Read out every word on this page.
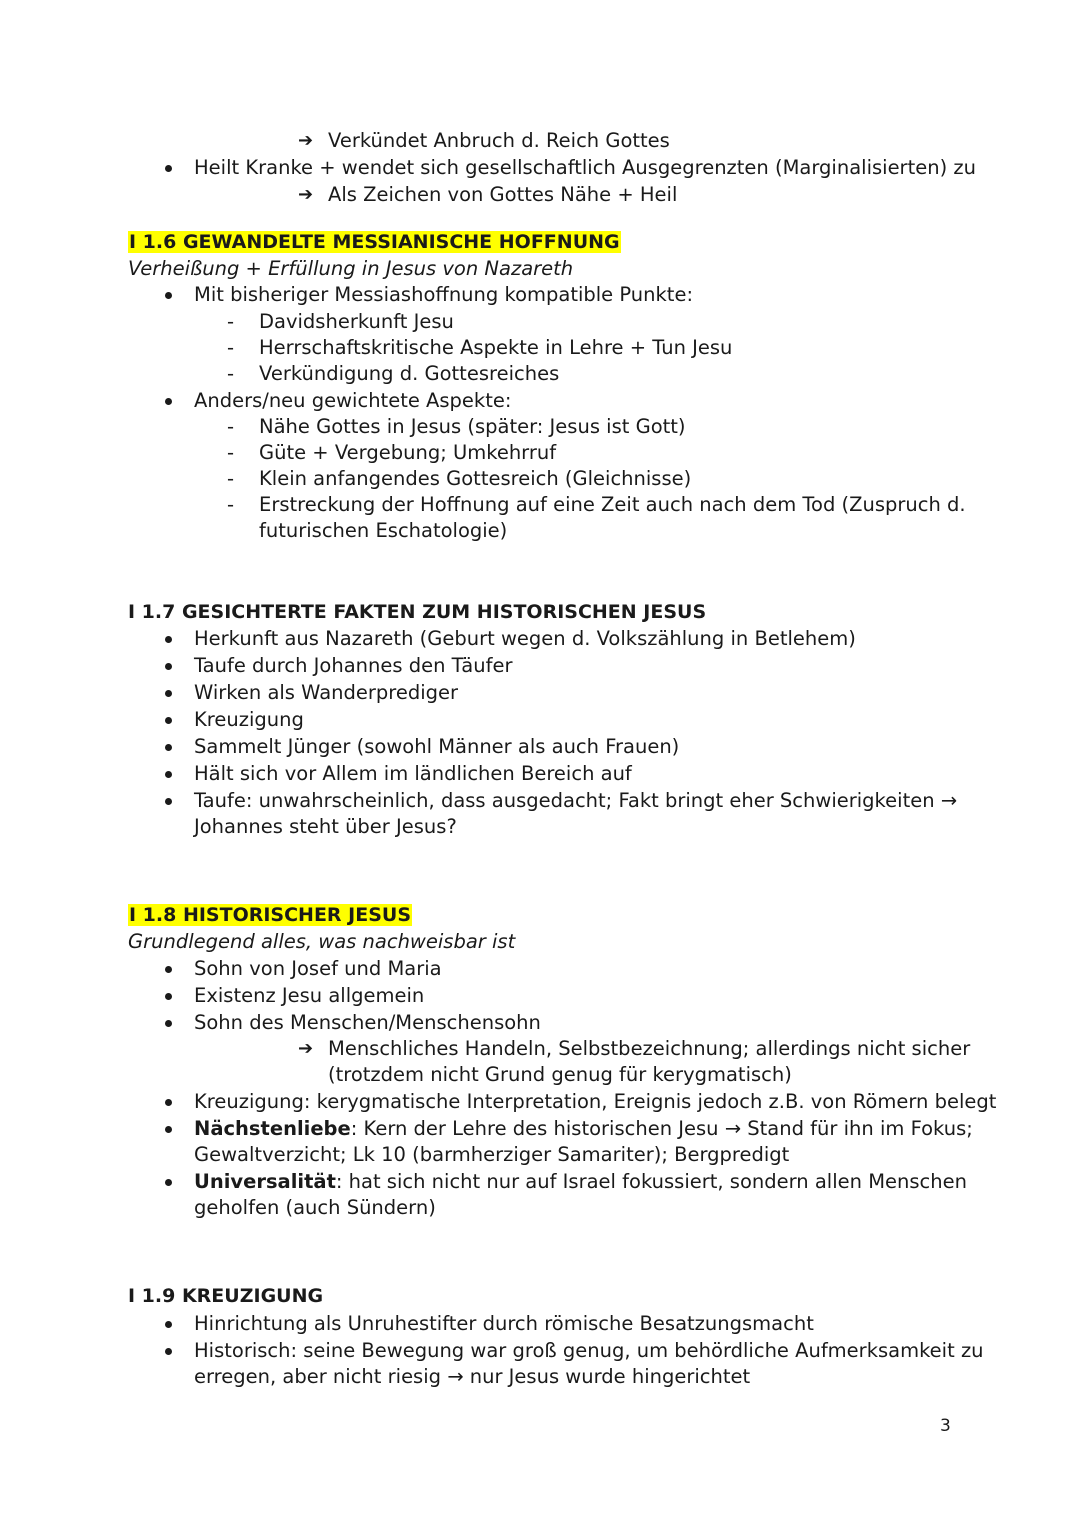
➔ Verkündet Anbruch d. Reich Gottes
Heilt Kranke + wendet sich gesellschaftlich Ausgegrenzten (Marginalisierten) zu
➔ Als Zeichen von Gottes Nähe + Heil
I 1.6 GEWANDELTE MESSIANISCHE HOFFNUNG
Verheißung + Erfüllung in Jesus von Nazareth
Mit bisheriger Messiashoffnung kompatible Punkte:
- Davidsherkunft Jesu
- Herrschaftskritische Aspekte in Lehre + Tun Jesu
- Verkündigung d. Gottesreiches
Anders/neu gewichtete Aspekte:
- Nähe Gottes in Jesus (später: Jesus ist Gott)
- Güte + Vergebung; Umkehrruf
- Klein anfangendes Gottesreich (Gleichnisse)
- Erstreckung der Hoffnung auf eine Zeit auch nach dem Tod (Zuspruch d.
futurischen Eschatologie)
I 1.7 GESICHTERTE FAKTEN ZUM HISTORISCHEN JESUS
Herkunft aus Nazareth (Geburt wegen d. Volkszählung in Betlehem)
Taufe durch Johannes den Täufer
Wirken als Wanderprediger
Kreuzigung
Sammelt Jünger (sowohl Männer als auch Frauen)
Hält sich vor Allem im ländlichen Bereich auf
Taufe: unwahrscheinlich, dass ausgedacht; Fakt bringt eher Schwierigkeiten →
Johannes steht über Jesus?
I 1.8 HISTORISCHER JESUS
Grundlegend alles, was nachweisbar ist
Sohn von Josef und Maria
Existenz Jesu allgemein
Sohn des Menschen/Menschensohn
➔ Menschliches Handeln, Selbstbezeichnung; allerdings nicht sicher
(trotzdem nicht Grund genug für kerygmatisch)
Kreuzigung: kerygmatische Interpretation, Ereignis jedoch z.B. von Römern belegt
Nächstenliebe: Kern der Lehre des historischen Jesu → Stand für ihn im Fokus;
Gewaltverzicht; Lk 10 (barmherziger Samariter); Bergpredigt
Universalität: hat sich nicht nur auf Israel fokussiert, sondern allen Menschen
geholfen (auch Sündern)
I 1.9 KREUZIGUNG
Hinrichtung als Unruhestifter durch römische Besatzungsmacht
Historisch: seine Bewegung war groß genug, um behördliche Aufmerksamkeit zu
erregen, aber nicht riesig → nur Jesus wurde hingerichtet
3
